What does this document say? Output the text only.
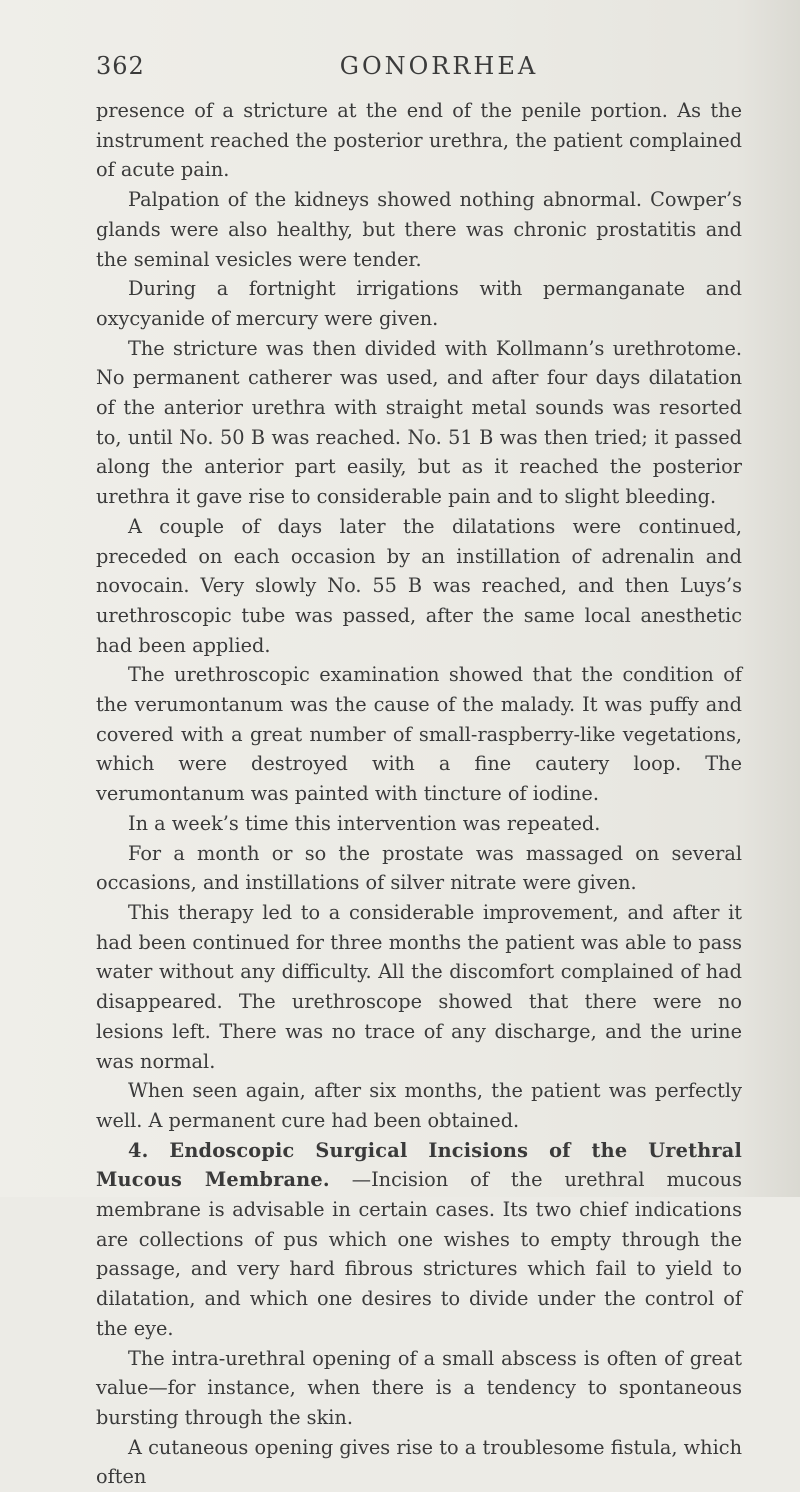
362	GONORRHEA

presence of a stricture at the end of the penile portion. As the instrument reached the posterior urethra, the patient complained of acute pain.

Palpation of the kidneys showed nothing abnormal. Cowper’s glands were also healthy, but there was chronic prostatitis and the seminal vesicles were tender.

During a fortnight irrigations with permanganate and oxycyanide of mercury were given.

The stricture was then divided with Kollmann’s urethrotome. No permanent catherer was used, and after four days dilatation of the anterior urethra with straight metal sounds was resorted to, until No. 50 B was reached. No. 51 B was then tried; it passed along the anterior part easily, but as it reached the posterior urethra it gave rise to considerable pain and to slight bleeding.

A couple of days later the dilatations were continued, preceded on each occasion by an instillation of adrenalin and novocain. Very slowly No. 55 B was reached, and then Luys’s urethroscopic tube was passed, after the same local anesthetic had been applied.

The urethroscopic examination showed that the condition of the verumontanum was the cause of the malady. It was puffy and covered with a great number of small-raspberry-like vegetations, which were destroyed with a fine cautery loop. The verumontanum was painted with tincture of iodine.

In a week’s time this intervention was repeated.

For a month or so the prostate was massaged on several occasions, and instillations of silver nitrate were given.

This therapy led to a considerable improvement, and after it had been continued for three months the patient was able to pass water without any difficulty. All the discomfort complained of had disappeared. The urethroscope showed that there were no lesions left. There was no trace of any discharge, and the urine was normal.

When seen again, after six months, the patient was perfectly well. A permanent cure had been obtained.

4. Endoscopic Surgical Incisions of the Urethral Mucous Membrane. —Incision of the urethral mucous membrane is advisable in certain cases. Its two chief indications are collections of pus which one wishes to empty through the passage, and very hard fibrous strictures which fail to yield to dilatation, and which one desires to divide under the control of the eye.

The intra-urethral opening of a small abscess is often of great value—for instance, when there is a tendency to spontaneous bursting through the skin.

A cutaneous opening gives rise to a troublesome fistula, which often
